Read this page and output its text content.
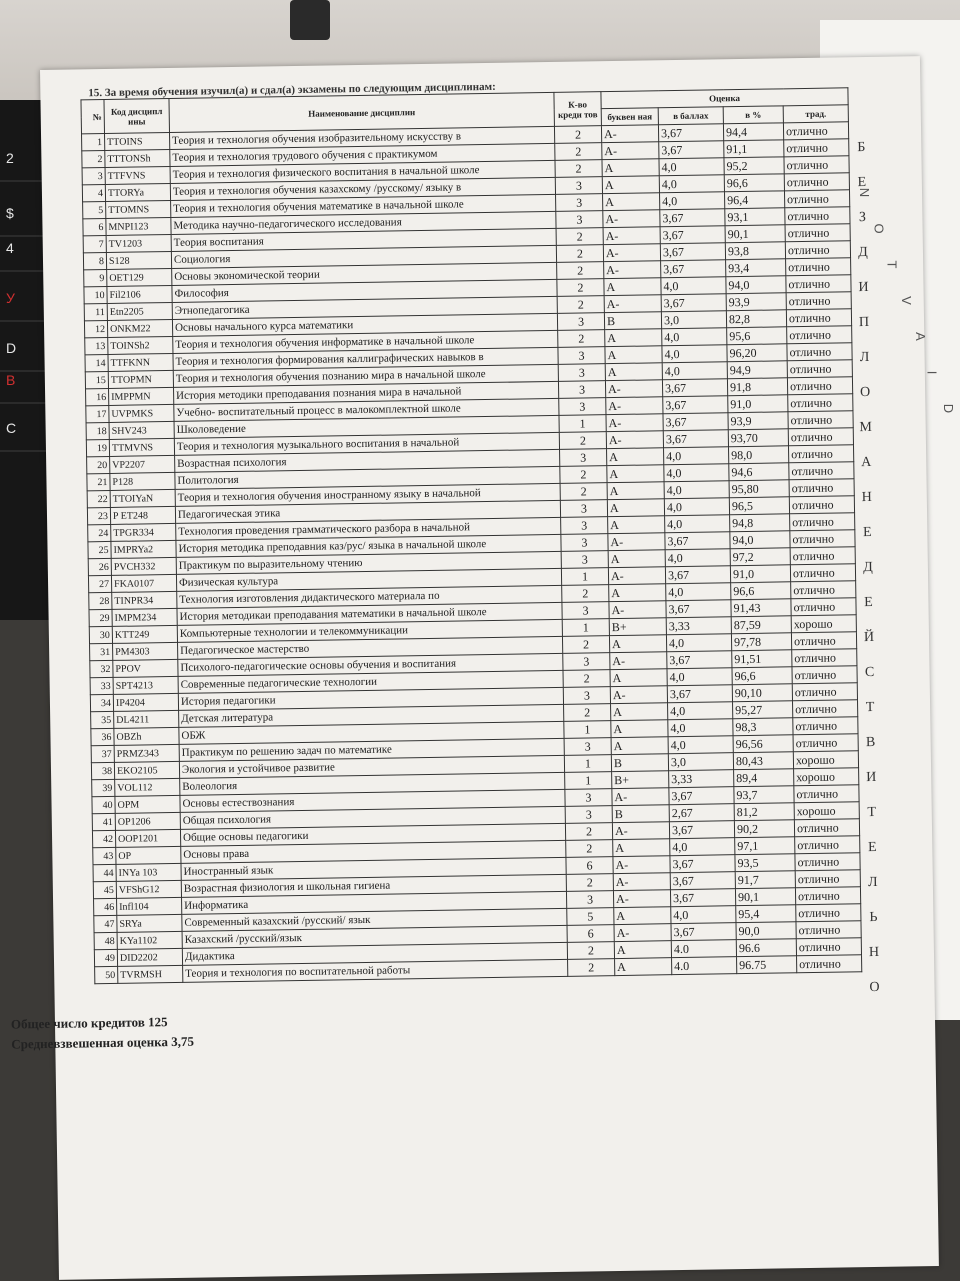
2
$
4
У
D
В
C
15. За время обучения изучил(а) и сдал(а) экзамены по следующим дисциплинам:
№	Код дисципл ины	Наименование дисциплин	К-во креди тов	Оценка			
				буквен ная	в баллах	в %	трад.
1	TTOINS	Теория и технология обучения изобразительному искусству в	2	A-	3,67	94,4	отлично
2	TTTONSh	Теория и технология трудового обучения с практикумом	2	A-	3,67	91,1	отлично
3	TTFVNS	Теория и технология физического воспитания в начальной школе	2	A	4,0	95,2	отлично
4	TTORYa	Теория и технология обучения казахскому /русскому/ языку в	3	A	4,0	96,6	отлично
5	TTOMNS	Теория и технология обучения математике в начальной школе	3	A	4,0	96,4	отлично
6	MNPI123	Методика научно-педагогического исследования	3	A-	3,67	93,1	отлично
7	TV1203	Теория воспитания	2	A-	3,67	90,1	отлично
8	S128	Социология	2	A-	3,67	93,8	отлично
9	OET129	Основы экономической теории	2	A-	3,67	93,4	отлично
10	Fil2106	Философия	2	A	4,0	94,0	отлично
11	Etn2205	Этнопедагогика	2	A-	3,67	93,9	отлично
12	ONKM22	Основы начального курса математики	3	B	3,0	82,8	отлично
13	TOINSh2	Теория и технология обучения информатике в начальной школе	2	A	4,0	95,6	отлично
14	TTFKNN	Теория и технология формирования каллиграфических навыков в	3	A	4,0	96,20	отлично
15	TTOPMN	Теория и технология обучения познанию мира в начальной школе	3	A	4,0	94,9	отлично
16	IMPPMN	История методики преподавания познания мира в начальной	3	A-	3,67	91,8	отлично
17	UVPMKS	Учебно- воспитательный процесс в малокомплектной школе	3	A-	3,67	91,0	отлично
18	SHV243	Школоведение	1	A-	3,67	93,9	отлично
19	TTMVNS	Теория и технология музыкального воспитания в начальной	2	A-	3,67	93,70	отлично
20	VP2207	Возрастная психология	3	A	4,0	98,0	отлично
21	P128	Политология	2	A	4,0	94,6	отлично
22	TTOIYaN	Теория и технология обучения иностранному языку в начальной	2	A	4,0	95,80	отлично
23	P ET248	Педагогическая этика	3	A	4,0	96,5	отлично
24	TPGR334	Технология проведения грамматического разбора в начальной	3	A	4,0	94,8	отлично
25	IMPRYa2	История методика преподавния каз/рус/ языка в начальной школе	3	A-	3,67	94,0	отлично
26	PVCH332	Практикум по выразительному чтению	3	A	4,0	97,2	отлично
27	FKA0107	Физическая культура	1	A-	3,67	91,0	отлично
28	TINPR34	Технология изготовления дидактического материала по	2	A	4,0	96,6	отлично
29	IMPM234	История методикаи преподавания математики в начальной школе	3	A-	3,67	91,43	отлично
30	KTT249	Компьютерные технологии и телекоммуникации	1	B+	3,33	87,59	хорошо
31	PM4303	Педагогическое мастерство	2	A	4,0	97,78	отлично
32	PPOV	Психолого-педагогические основы обучения и воспитания	3	A-	3,67	91,51	отлично
33	SPT4213	Современные педагогические технологии	2	A	4,0	96,6	отлично
34	IP4204	История педагогики	3	A-	3,67	90,10	отлично
35	DL4211	Детская литература	2	A	4,0	95,27	отлично
36	OBZh	ОБЖ	1	A	4,0	98,3	отлично
37	PRMZ343	Практикум по решению задач по математике	3	A	4,0	96,56	отлично
38	EKO2105	Экология и устойчивое развитие	1	B	3,0	80,43	хорошо
39	VOL112	Волеология	1	B+	3,33	89,4	хорошо
40	OPM	Основы естествознания	3	A-	3,67	93,7	отлично
41	OP1206	Общая психология	3	B	2,67	81,2	хорошо
42	OOP1201	Общие основы педагогики	2	A-	3,67	90,2	отлично
43	OP	Основы права	2	A	4,0	97,1	отлично
44	INYa 103	Иностранный язык	6	A-	3,67	93,5	отлично
45	VFShG12	Возрастная физиология и школьная гигиена	2	A-	3,67	91,7	отлично
46	Infl104	Информатика	3	A-	3,67	90,1	отлично
47	SRYa	Современный казахский /русский/ язык	5	A	4,0	95,4	отлично
48	KYa1102	Казахский /русский/язык	6	A-	3,67	90,0	отлично
49	DID2202	Дидактика	2	A	4.0	96.6	отлично
50	TVRMSH	Теория и технология по воспитательной работы	2	A	4.0	96.75	отлично
Общее число кредитов 125
Средневзвешенная оценка 3,75
Б
Е
З
Д
И
П
Л
О
М
А
Н
Е
Д
Е
Й
С
Т
В
И
Т
Е
Л
Ь
Н
О
N
O
T
V
A
I
D
